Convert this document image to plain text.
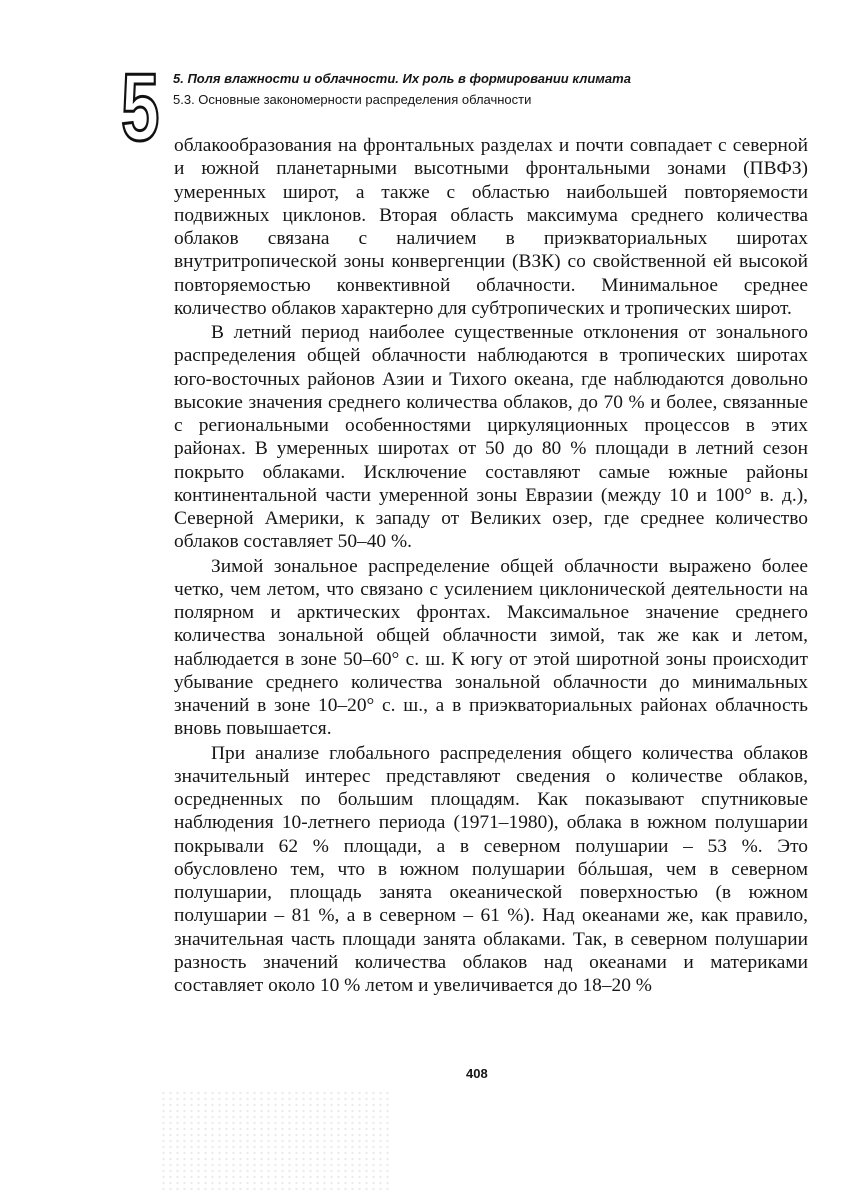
5 5. Поля влажности и облачности. Их роль в формировании климата
5.3. Основные закономерности распределения облачности

облакообразования на фронтальных разделах и почти совпадает с северной и южной планетарными высотными фронтальными зонами (ПВФЗ) умеренных широт, а также с областью наибольшей повторяемости подвижных циклонов. Вторая область максимума среднего количества облаков связана с наличием в приэкваториальных широтах внутритропической зоны конвергенции (ВЗК) со свойственной ей высокой повторяемостью конвективной облачности. Минимальное среднее количество облаков характерно для субтропических и тропических широт.

В летний период наиболее существенные отклонения от зонального распределения общей облачности наблюдаются в тропических широтах юго-восточных районов Азии и Тихого океана, где наблюдаются довольно высокие значения среднего количества облаков, до 70 % и более, связанные с региональными особенностями циркуляционных процессов в этих районах. В умеренных широтах от 50 до 80 % площади в летний сезон покрыто облаками. Исключение составляют самые южные районы континентальной части умеренной зоны Евразии (между 10 и 100° в. д.), Северной Америки, к западу от Великих озер, где среднее количество облаков составляет 50–40 %.

Зимой зональное распределение общей облачности выражено более четко, чем летом, что связано с усилением циклонической деятельности на полярном и арктических фронтах. Максимальное значение среднего количества зональной общей облачности зимой, так же как и летом, наблюдается в зоне 50–60° с. ш. К югу от этой широтной зоны происходит убывание среднего количества зональной облачности до минимальных значений в зоне 10–20° с. ш., а в приэкваториальных районах облачность вновь повышается.

При анализе глобального распределения общего количества облаков значительный интерес представляют сведения о количестве облаков, осредненных по большим площадям. Как показывают спутниковые наблюдения 10-летнего периода (1971–1980), облака в южном полушарии покрывали 62 % площади, а в северном полушарии – 53 %. Это обусловлено тем, что в южном полушарии бóльшая, чем в северном полушарии, площадь занята океанической поверхностью (в южном полушарии – 81 %, а в северном – 61 %). Над океанами же, как правило, значительная часть площади занята облаками. Так, в северном полушарии разность значений количества облаков над океанами и материками составляет около 10 % летом и увеличивается до 18–20 %

408
